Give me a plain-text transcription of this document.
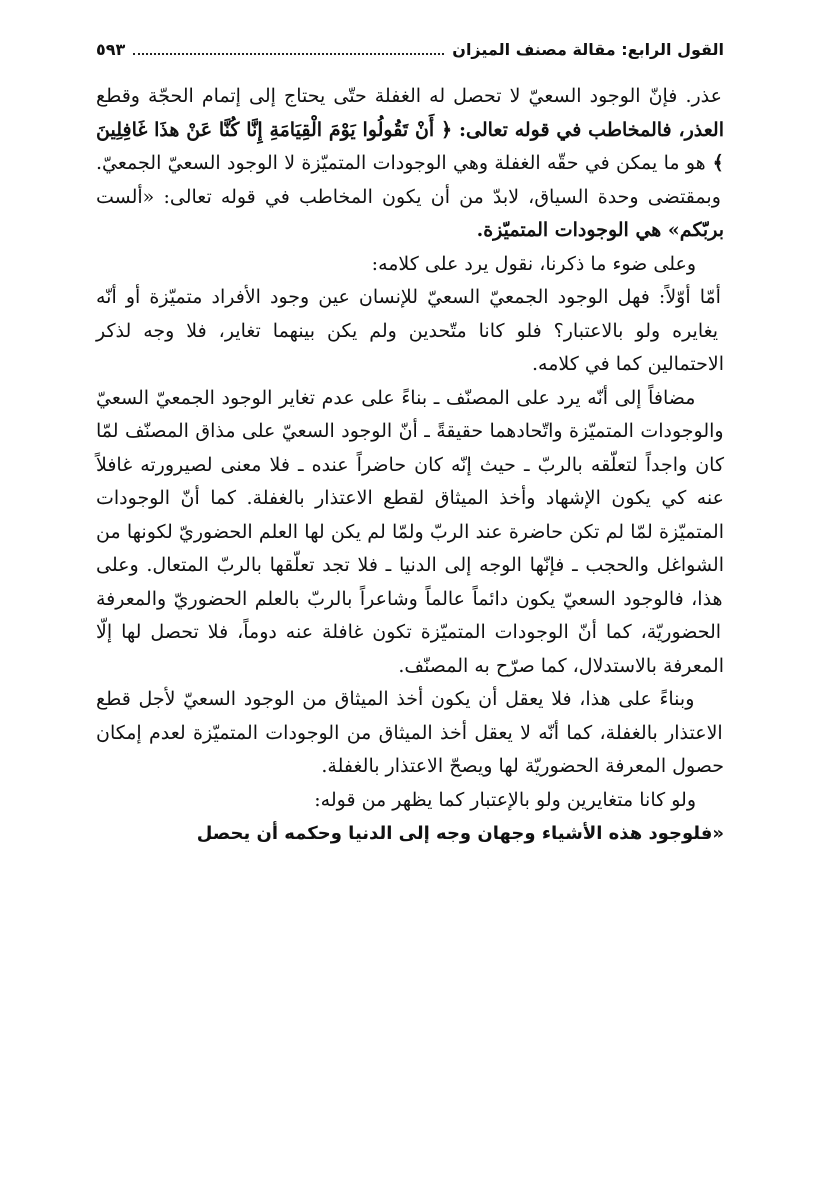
القول الرابع: مقالة مصنف الميزان
٥٩٣

عذر. فإنّ الوجود السعيّ لا تحصل له الغفلة حتّى يحتاج إلى إتمام الحجّة وقطع العذر، فالمخاطب في قوله تعالى: ﴿ أَنْ تَقُولُوا يَوْمَ الْقِيَامَةِ إِنَّا كُنَّا عَنْ هذَا غَافِلِينَ ﴾ هو ما يمكن في حقّه الغفلة وهي الوجودات المتميّزة لا الوجود السعيّ الجمعيّ. وبمقتضى وحدة السياق، لابدّ من أن يكون المخاطب في قوله تعالى: «ألست بربّكم» هي الوجودات المتميّزة.

وعلى ضوء ما ذكرنا، نقول يرد على كلامه:

أمّا أوّلاً: فهل الوجود الجمعيّ السعيّ للإنسان عين وجود الأفراد متميّزة أو أنّه يغايره ولو بالاعتبار؟ فلو كانا متّحدين ولم يكن بينهما تغاير، فلا وجه لذكر الاحتمالين كما في كلامه.

مضافاً إلى أنّه يرد على المصنّف ـ بناءً على عدم تغاير الوجود الجمعيّ السعيّ والوجودات المتميّزة واتّحادهما حقيقةً ـ أنّ الوجود السعيّ على مذاق المصنّف لمّا كان واجداً لتعلّقه بالربّ ـ حيث إنّه كان حاضراً عنده ـ فلا معنى لصيرورته غافلاً عنه كي يكون الإشهاد وأخذ الميثاق لقطع الاعتذار بالغفلة. كما أنّ الوجودات المتميّزة لمّا لم تكن حاضرة عند الربّ ولمّا لم يكن لها العلم الحضوريّ لكونها من الشواغل والحجب ـ فإنّها الوجه إلى الدنيا ـ فلا تجد تعلّقها بالربّ المتعال. وعلى هذا، فالوجود السعيّ يكون دائماً عالماً وشاعراً بالربّ بالعلم الحضوريّ والمعرفة الحضوريّة، كما أنّ الوجودات المتميّزة تكون غافلة عنه دوماً، فلا تحصل لها إلّا المعرفة بالاستدلال، كما صرّح به المصنّف.

وبناءً على هذا، فلا يعقل أن يكون أخذ الميثاق من الوجود السعيّ لأجل قطع الاعتذار بالغفلة، كما أنّه لا يعقل أخذ الميثاق من الوجودات المتميّزة لعدم إمكان حصول المعرفة الحضوريّة لها ويصحّ الاعتذار بالغفلة.

ولو كانا متغايرين ولو بالإعتبار كما يظهر من قوله:

«فلوجود هذه الأشياء وجهان وجه إلى الدنيا وحكمه أن يحصل
